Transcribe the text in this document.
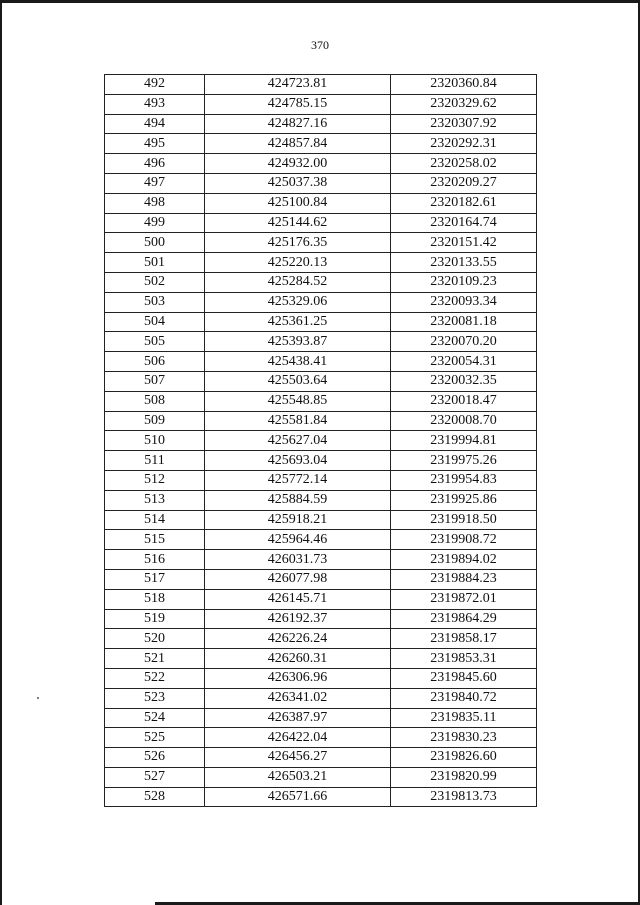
370
492	424723.81	2320360.84
493	424785.15	2320329.62
494	424827.16	2320307.92
495	424857.84	2320292.31
496	424932.00	2320258.02
497	425037.38	2320209.27
498	425100.84	2320182.61
499	425144.62	2320164.74
500	425176.35	2320151.42
501	425220.13	2320133.55
502	425284.52	2320109.23
503	425329.06	2320093.34
504	425361.25	2320081.18
505	425393.87	2320070.20
506	425438.41	2320054.31
507	425503.64	2320032.35
508	425548.85	2320018.47
509	425581.84	2320008.70
510	425627.04	2319994.81
511	425693.04	2319975.26
512	425772.14	2319954.83
513	425884.59	2319925.86
514	425918.21	2319918.50
515	425964.46	2319908.72
516	426031.73	2319894.02
517	426077.98	2319884.23
518	426145.71	2319872.01
519	426192.37	2319864.29
520	426226.24	2319858.17
521	426260.31	2319853.31
522	426306.96	2319845.60
523	426341.02	2319840.72
524	426387.97	2319835.11
525	426422.04	2319830.23
526	426456.27	2319826.60
527	426503.21	2319820.99
528	426571.66	2319813.73
